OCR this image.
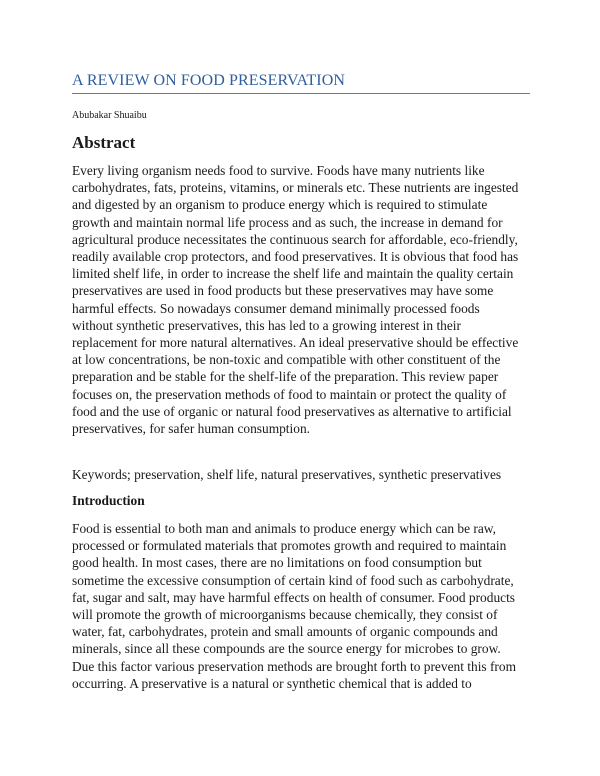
A REVIEW ON FOOD PRESERVATION
Abubakar Shuaibu
Abstract
Every living organism needs food to survive. Foods have many nutrients like
carbohydrates, fats, proteins, vitamins, or minerals etc. These nutrients are ingested
and digested by an organism to produce energy which is required to stimulate
growth and maintain normal life process and as such, the increase in demand for
agricultural produce necessitates the continuous search for affordable, eco-friendly,
readily available crop protectors, and food preservatives. It is obvious that food has
limited shelf life, in order to increase the shelf life and maintain the quality certain
preservatives are used in food products but these preservatives may have some
harmful effects. So nowadays consumer demand minimally processed foods
without synthetic preservatives, this has led to a growing interest in their
replacement for more natural alternatives. An ideal preservative should be effective
at low concentrations, be non-toxic and compatible with other constituent of the
preparation and be stable for the shelf-life of the preparation. This review paper
focuses on, the preservation methods of food to maintain or protect the quality of
food and the use of organic or natural food preservatives as alternative to artificial
preservatives, for safer human consumption.
Keywords; preservation, shelf life, natural preservatives, synthetic preservatives
Introduction
Food is essential to both man and animals to produce energy which can be raw,
processed or formulated materials that promotes growth and required to maintain
good health. In most cases, there are no limitations on food consumption but
sometime the excessive consumption of certain kind of food such as carbohydrate,
fat, sugar and salt, may have harmful effects on health of consumer. Food products
will promote the growth of microorganisms because chemically, they consist of
water, fat, carbohydrates, protein and small amounts of organic compounds and
minerals, since all these compounds are the source energy for microbes to grow.
Due this factor various preservation methods are brought forth to prevent this from
occurring. A preservative is a natural or synthetic chemical that is added to
